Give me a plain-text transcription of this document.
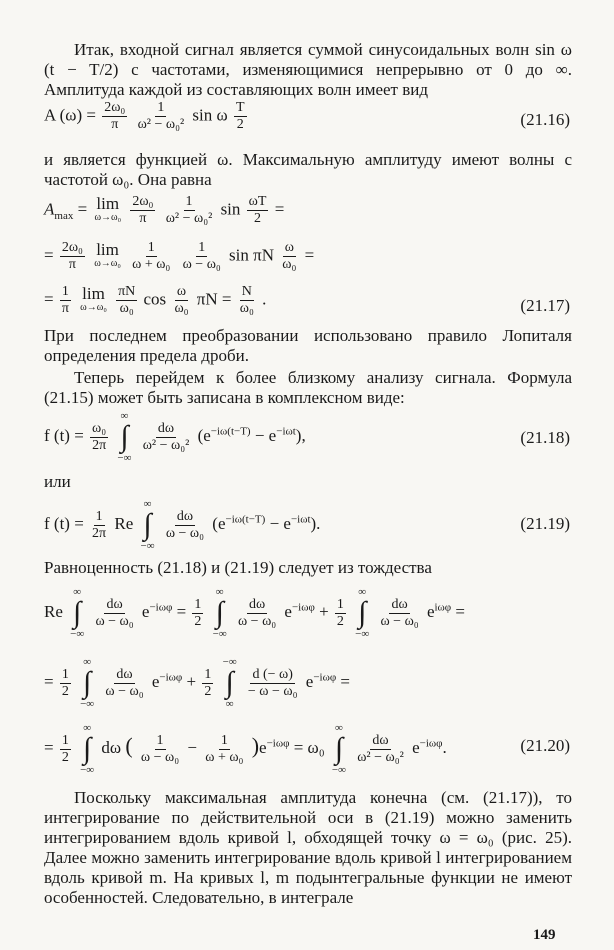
Итак, входной сигнал является суммой синусоидальных волн sin ω (t − T/2) с частотами, изменяющимися непрерывно от 0 до ∞. Амплитуда каждой из составляющих волн имеет вид
A $(\omega) = \frac{\text{2ω₀}}{\pi}$
$\frac{1}{\text{ω² − ω₀²}}$ sin ω $\frac{T}{2}$	(21.16)
и является функцией ω. Максимальную амплитуду имеют волны с частотой ω₀. Она равна
$A_{max} = \lim$
ω→ω₀
$\frac{\text{2ω₀}}{\pi}$
$\frac{1}{\text{ω² − ω₀²}}$ $\sin \frac{\omega T}{2}$ =
= $\frac{\text{2ω₀}}{\pi}$
lim
ω→ω₀
$\frac{1}{\text{ω + ω₀}}$
$\frac{1}{\text{ω − ω₀}}$ sin πN $\frac{\omega}{\text{ω₀}}$ =
= $\frac{1}{\pi}$
lim
ω→ω₀
$\frac{\pi N}{\text{ω₀}}$ $\cos \frac{\omega}{\text{ω₀}}$ $\pi N = \frac{N}{\text{ω₀}}$ .	(21.17)
При последнем преобразовании использовано правило Лопиталя определения предела дроби.
Теперь перейдем к более близкому анализу сигнала. Формула (21.15) может быть записана в комплексном виде:
f $(t) = \frac{\text{ω₀}}{2\pi}$

∞
∫
−∞

$\frac{d\omega}{\text{ω² − ω₀²}} (e^{-i\omega(t-T)} - e^{-i\omega t})$,	(21.18)
или
f $(t) = \frac{1}{2\pi}$ Re
∞
∫
−∞

$\frac{d\omega}{\text{ω − ω₀}} (e^{-i\omega(t-T)} - e^{-i\omega t})$.	(21.19)
Равноценность (21.18) и (21.19) следует из тождества
Re
∞
∫
−∞

$\frac{d\omega}{\text{ω − ω₀}} e^{-i\omega\varphi} = \frac{1}{2}$

∞
∫
−∞

$\frac{d\omega}{\text{ω − ω₀}} e^{-i\omega\varphi} + \frac{1}{2}$

∞
∫
−∞

$\frac{d\omega}{\text{ω − ω₀}} e^{i\omega\varphi}$ =
= $\frac{1}{2}$

∞
∫
−∞

$\frac{d\omega}{\text{ω − ω₀}} e^{-i\omega\varphi} + \frac{1}{2}$

−∞
∫
∞

$\frac{d (- \omega)}{\text{− ω − ω₀}} e^{-i\omega\varphi}$ =
= $\frac{1}{2}$

∞
∫
−∞
dω ( $\frac{1}{\text{ω − ω₀}} - \frac{1}{\text{ω + ω₀}} )e^{-i\omega\varphi} = \omega_0$
∞
∫
−∞

$\frac{d\omega}{\text{ω² − ω₀²}} e^{-i\omega\varphi}$.	(21.20)
Поскольку максимальная амплитуда конечна (см. (21.17)), то интегрирование по действительной оси в (21.19) можно заменить интегрированием вдоль кривой l, обходящей точку ω = ω₀ (рис. 25). Далее можно заменить интегрирование вдоль кривой l интегрированием вдоль кривой m. На кривых l, m подынтегральные функции не имеют особенностей. Следовательно, в интеграле
149
